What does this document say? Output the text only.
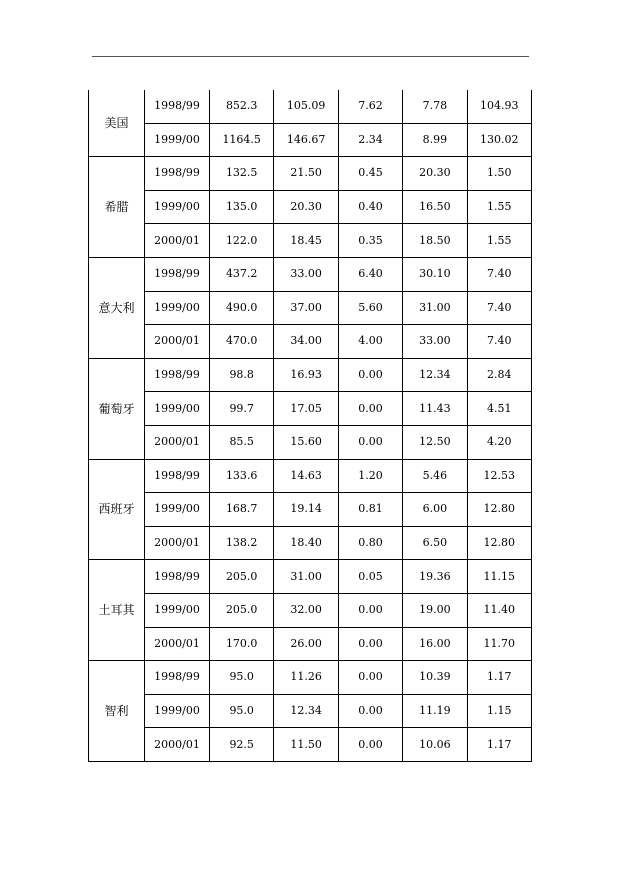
美国	1998/99	852.3	105.09	7.62	7.78	104.93
	1999/00	1164.5	146.67	2.34	8.99	130.02
希腊	1998/99	132.5	21.50	0.45	20.30	1.50
	1999/00	135.0	20.30	0.40	16.50	1.55
	2000/01	122.0	18.45	0.35	18.50	1.55
意大利	1998/99	437.2	33.00	6.40	30.10	7.40
	1999/00	490.0	37.00	5.60	31.00	7.40
	2000/01	470.0	34.00	4.00	33.00	7.40
葡萄牙	1998/99	98.8	16.93	0.00	12.34	2.84
	1999/00	99.7	17.05	0.00	11.43	4.51
	2000/01	85.5	15.60	0.00	12.50	4.20
西班牙	1998/99	133.6	14.63	1.20	5.46	12.53
	1999/00	168.7	19.14	0.81	6.00	12.80
	2000/01	138.2	18.40	0.80	6.50	12.80
土耳其	1998/99	205.0	31.00	0.05	19.36	11.15
	1999/00	205.0	32.00	0.00	19.00	11.40
	2000/01	170.0	26.00	0.00	16.00	11.70
智利	1998/99	95.0	11.26	0.00	10.39	1.17
	1999/00	95.0	12.34	0.00	11.19	1.15
	2000/01	92.5	11.50	0.00	10.06	1.17
